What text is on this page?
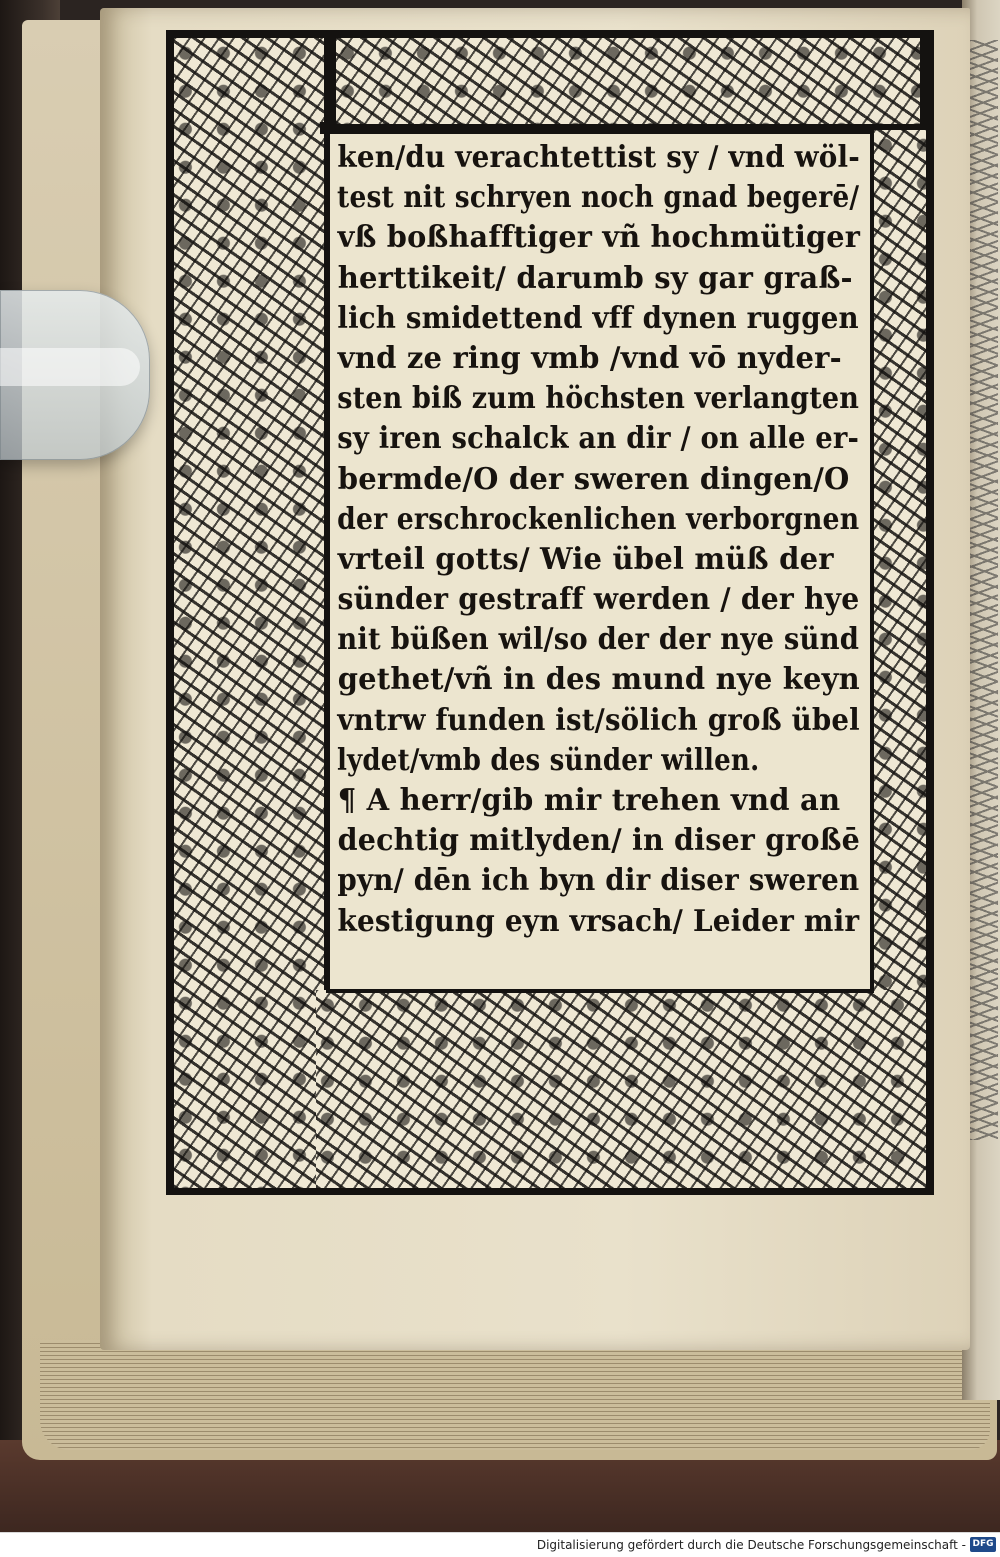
ken/du verachtettist sy / vnd wöl-
test nit schryen noch gnad begerē/
vß boßhafftiger vñ hochmütiger
herttikeit/ darumb sy gar graß-
lich smidettend vff dynen ruggen
vnd ze ring vmb /vnd vō nyder-
sten biß zum höchsten verlangten
sy iren schalck an dir / on alle er-
bermde/O der sweren dingen/O
der erschrockenlichen verborgnen
vrteil gotts/ Wie übel müß der
sünder gestraff werden / der hye
nit büßen wil/so der der nye sünd
gethet/vñ in des mund nye keyn
vntrw funden ist/sölich groß übel
lydet/vmb des sünder willen.
¶ A herr/gib mir trehen vnd an
dechtig mitlyden/ in diser großē
pyn/ dēn ich byn dir diser sweren
kestigung eyn vrsach/ Leider mir
Digitalisierung gefördert durch die Deutsche Forschungsgemeinschaft - DFG
